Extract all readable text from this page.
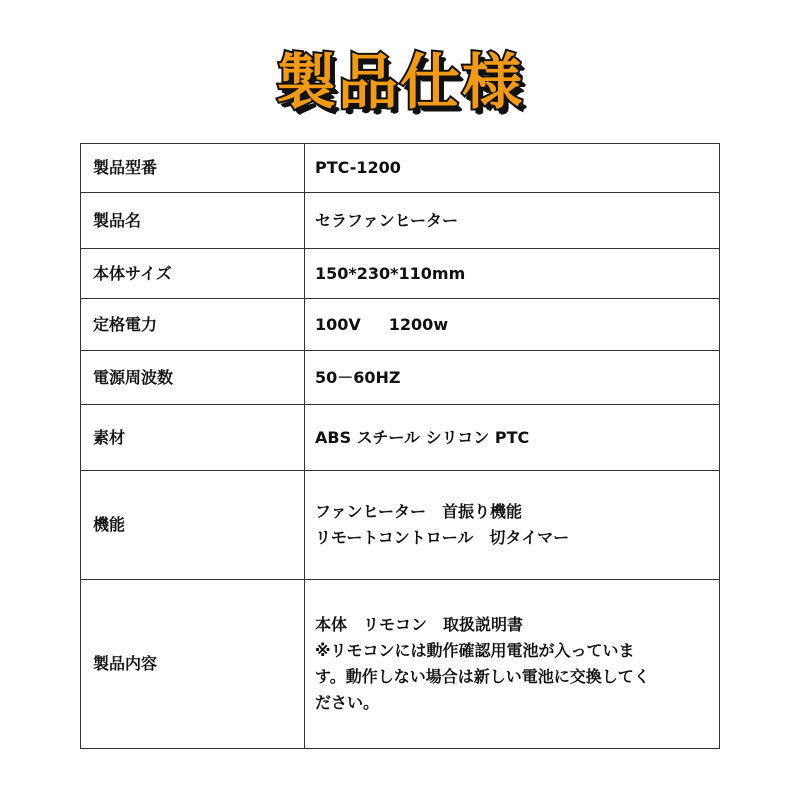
製品仕様
製品型番	PTC-1200

製品名	セラファンヒーター

本体サイズ	150*230*110mm

定格電力	100V 1200w
電源周波数	50－60HZ

素材	ABS スチール シリコン PTC

機能	ファンヒーター　首振り機能
リモートコントロール　切タイマー

製品内容	本体　リモコン　取扱説明書
※リモコンには動作確認用電池が入っていま
す。動作しない場合は新しい電池に交換してく
ださい。
